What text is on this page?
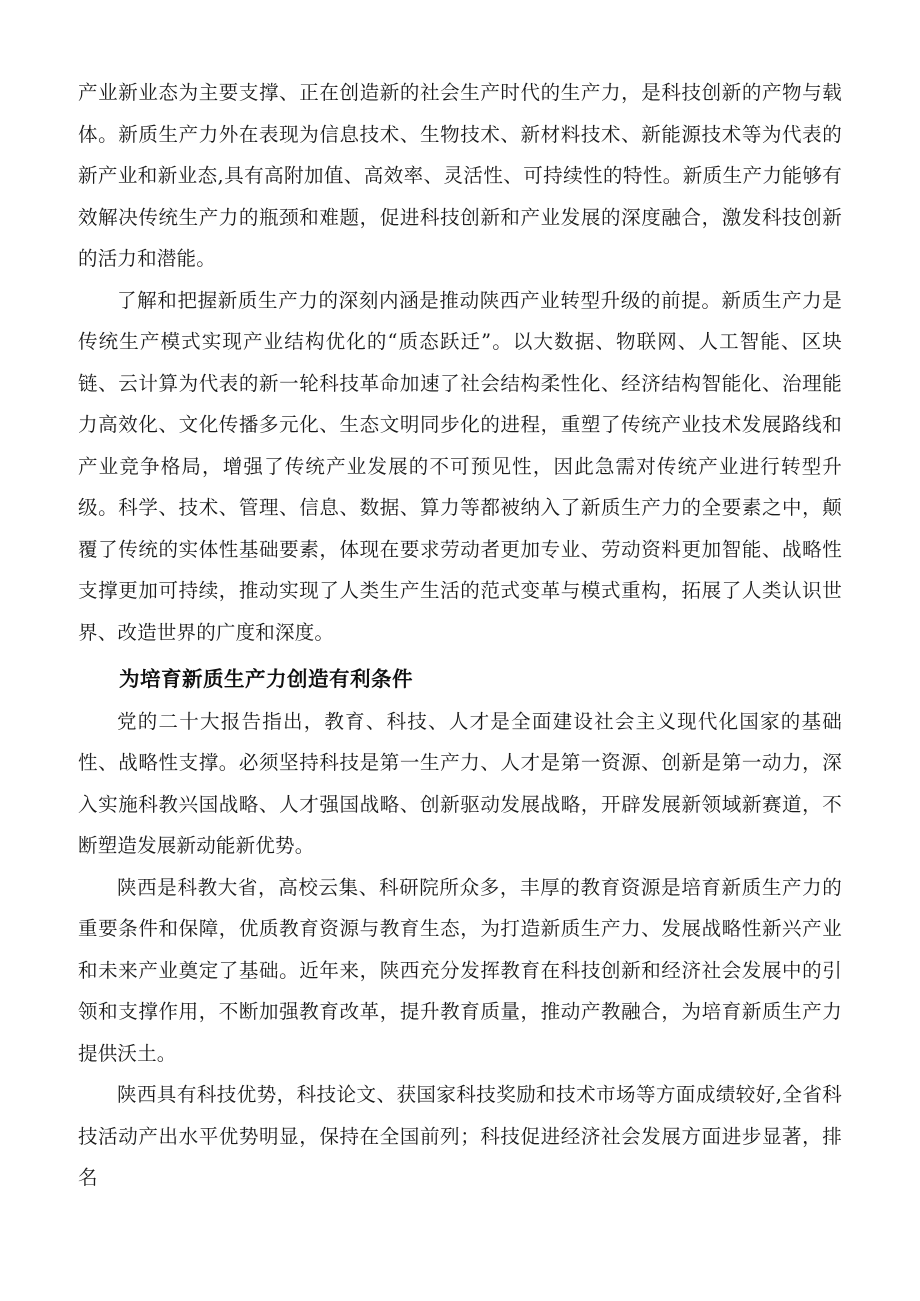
产业新业态为主要支撑、正在创造新的社会生产时代的生产力，是科技创新的产物与载体。新质生产力外在表现为信息技术、生物技术、新材料技术、新能源技术等为代表的新产业和新业态,具有高附加值、高效率、灵活性、可持续性的特性。新质生产力能够有效解决传统生产力的瓶颈和难题，促进科技创新和产业发展的深度融合，激发科技创新的活力和潜能。

了解和把握新质生产力的深刻内涵是推动陕西产业转型升级的前提。新质生产力是传统生产模式实现产业结构优化的“质态跃迁”。以大数据、物联网、人工智能、区块链、云计算为代表的新一轮科技革命加速了社会结构柔性化、经济结构智能化、治理能力高效化、文化传播多元化、生态文明同步化的进程，重塑了传统产业技术发展路线和产业竞争格局，增强了传统产业发展的不可预见性，因此急需对传统产业进行转型升级。科学、技术、管理、信息、数据、算力等都被纳入了新质生产力的全要素之中，颠覆了传统的实体性基础要素，体现在要求劳动者更加专业、劳动资料更加智能、战略性支撑更加可持续，推动实现了人类生产生活的范式变革与模式重构，拓展了人类认识世界、改造世界的广度和深度。

为培育新质生产力创造有利条件

党的二十大报告指出，教育、科技、人才是全面建设社会主义现代化国家的基础性、战略性支撑。必须坚持科技是第一生产力、人才是第一资源、创新是第一动力，深入实施科教兴国战略、人才强国战略、创新驱动发展战略，开辟发展新领域新赛道，不断塑造发展新动能新优势。

陕西是科教大省，高校云集、科研院所众多，丰厚的教育资源是培育新质生产力的重要条件和保障，优质教育资源与教育生态，为打造新质生产力、发展战略性新兴产业和未来产业奠定了基础。近年来，陕西充分发挥教育在科技创新和经济社会发展中的引领和支撑作用，不断加强教育改革，提升教育质量，推动产教融合，为培育新质生产力提供沃土。

陕西具有科技优势，科技论文、获国家科技奖励和技术市场等方面成绩较好,全省科技活动产出水平优势明显，保持在全国前列；科技促进经济社会发展方面进步显著，排名
